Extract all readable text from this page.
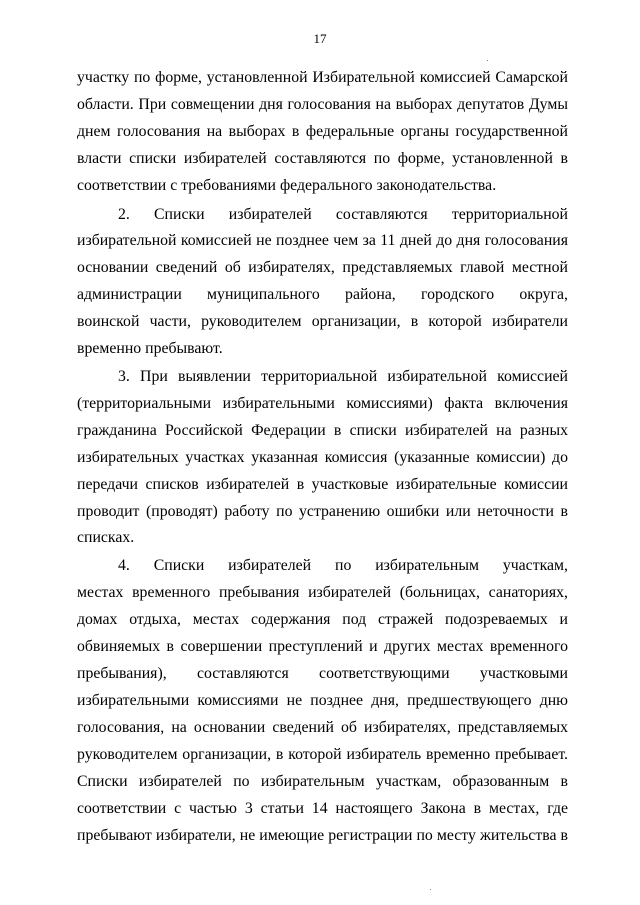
17
участку по форме, установленной Избирательной комиссией Самарской
области. При совмещении дня голосования на выборах депутатов Думы
днем голосования на выборах в федеральные органы государственной
власти списки избирателей составляются по форме, установленной в
соответствии с требованиями федерального законодательства.
2. Списки избирателей составляются территориальной
избирательной комиссией не позднее чем за 11 дней до дня голосования
основании сведений об избирателях, представляемых главой местной
администрации муниципального района, городского округа,
воинской части, руководителем организации, в которой избиратели
временно пребывают.
3. При выявлении территориальной избирательной комиссией
(территориальными избирательными комиссиями) факта включения
гражданина Российской Федерации в списки избирателей на разных
избирательных участках указанная комиссия (указанные комиссии) до
передачи списков избирателей в участковые избирательные комиссии
проводит (проводят) работу по устранению ошибки или неточности в
списках.
4. Списки избирателей по избирательным участкам,
местах временного пребывания избирателей (больницах, санаториях,
домах отдыха, местах содержания под стражей подозреваемых и
обвиняемых в совершении преступлений и других местах временного
пребывания), составляются соответствующими участковыми
избирательными комиссиями не позднее дня, предшествующего дню
голосования, на основании сведений об избирателях, представляемых
руководителем организации, в которой избиратель временно пребывает.
Списки избирателей по избирательным участкам, образованным в
соответствии с частью 3 статьи 14 настоящего Закона в местах, где
пребывают избиратели, не имеющие регистрации по месту жительства в
